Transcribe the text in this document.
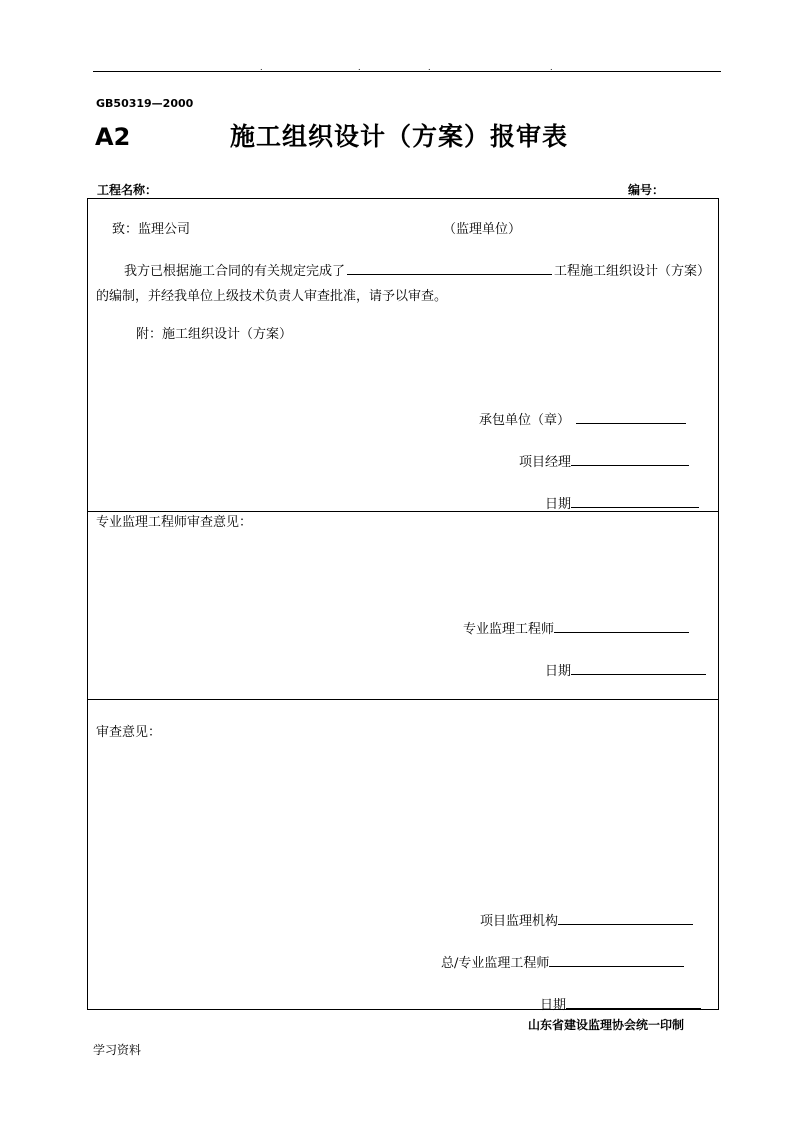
.	.	.	.
GB50319—2000
A2	施工组织设计（方案）报审表
工程名称：	编号：
致：监理公司	（监理单位）
我方已根据施工合同的有关规定完成了	工程施工组织设计（方案）的编制，并经我单位上级技术负责人审查批准，请予以审查。
附：施工组织设计（方案）
承包单位（章）
项目经理
日期
专业监理工程师审查意见：
专业监理工程师
日期
审查意见：
项目监理机构
总/专业监理工程师
日期
山东省建设监理协会统一印制
学习资料
